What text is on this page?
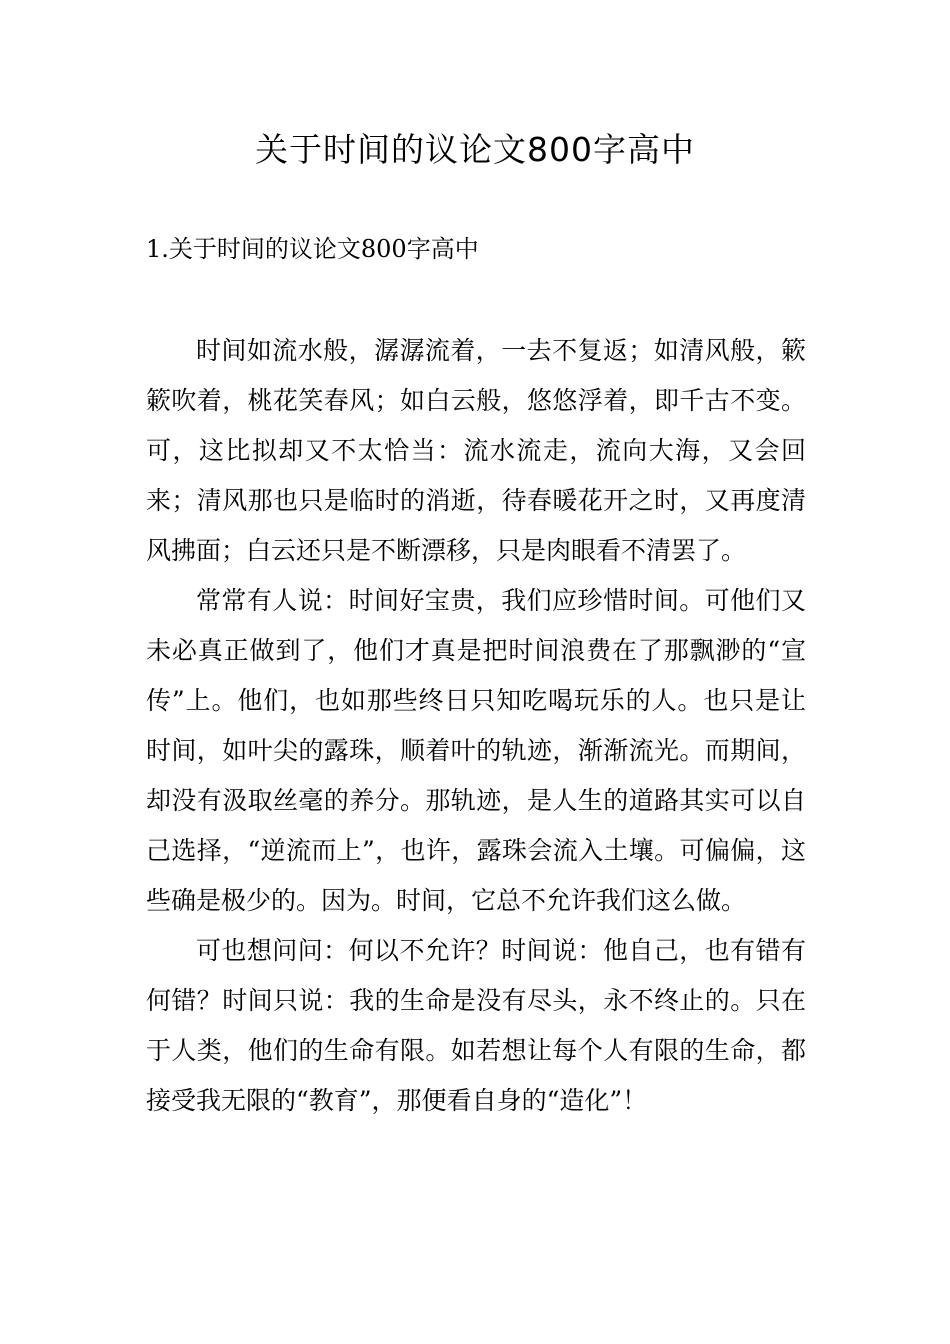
关于时间的议论文800字高中
1.关于时间的议论文800字高中

时间如流水般，潺潺流着，一去不复返；如清风般，簌簌吹着，桃花笑春风；如白云般，悠悠浮着，即千古不变。可，这比拟却又不太恰当：流水流走，流向大海，又会回来；清风那也只是临时的消逝，待春暖花开之时，又再度清风拂面；白云还只是不断漂移，只是肉眼看不清罢了。

常常有人说：时间好宝贵，我们应珍惜时间。可他们又未必真正做到了，他们才真是把时间浪费在了那飘渺的“宣传”上。他们，也如那些终日只知吃喝玩乐的人。也只是让时间，如叶尖的露珠，顺着叶的轨迹，渐渐流光。而期间，却没有汲取丝毫的养分。那轨迹，是人生的道路其实可以自己选择，“逆流而上”，也许，露珠会流入土壤。可偏偏，这些确是极少的。因为。时间，它总不允许我们这么做。

可也想问问：何以不允许？时间说：他自己，也有错有何错？时间只说：我的生命是没有尽头，永不终止的。只在于人类，他们的生命有限。如若想让每个人有限的生命，都接受我无限的“教育”，那便看自身的“造化”！
